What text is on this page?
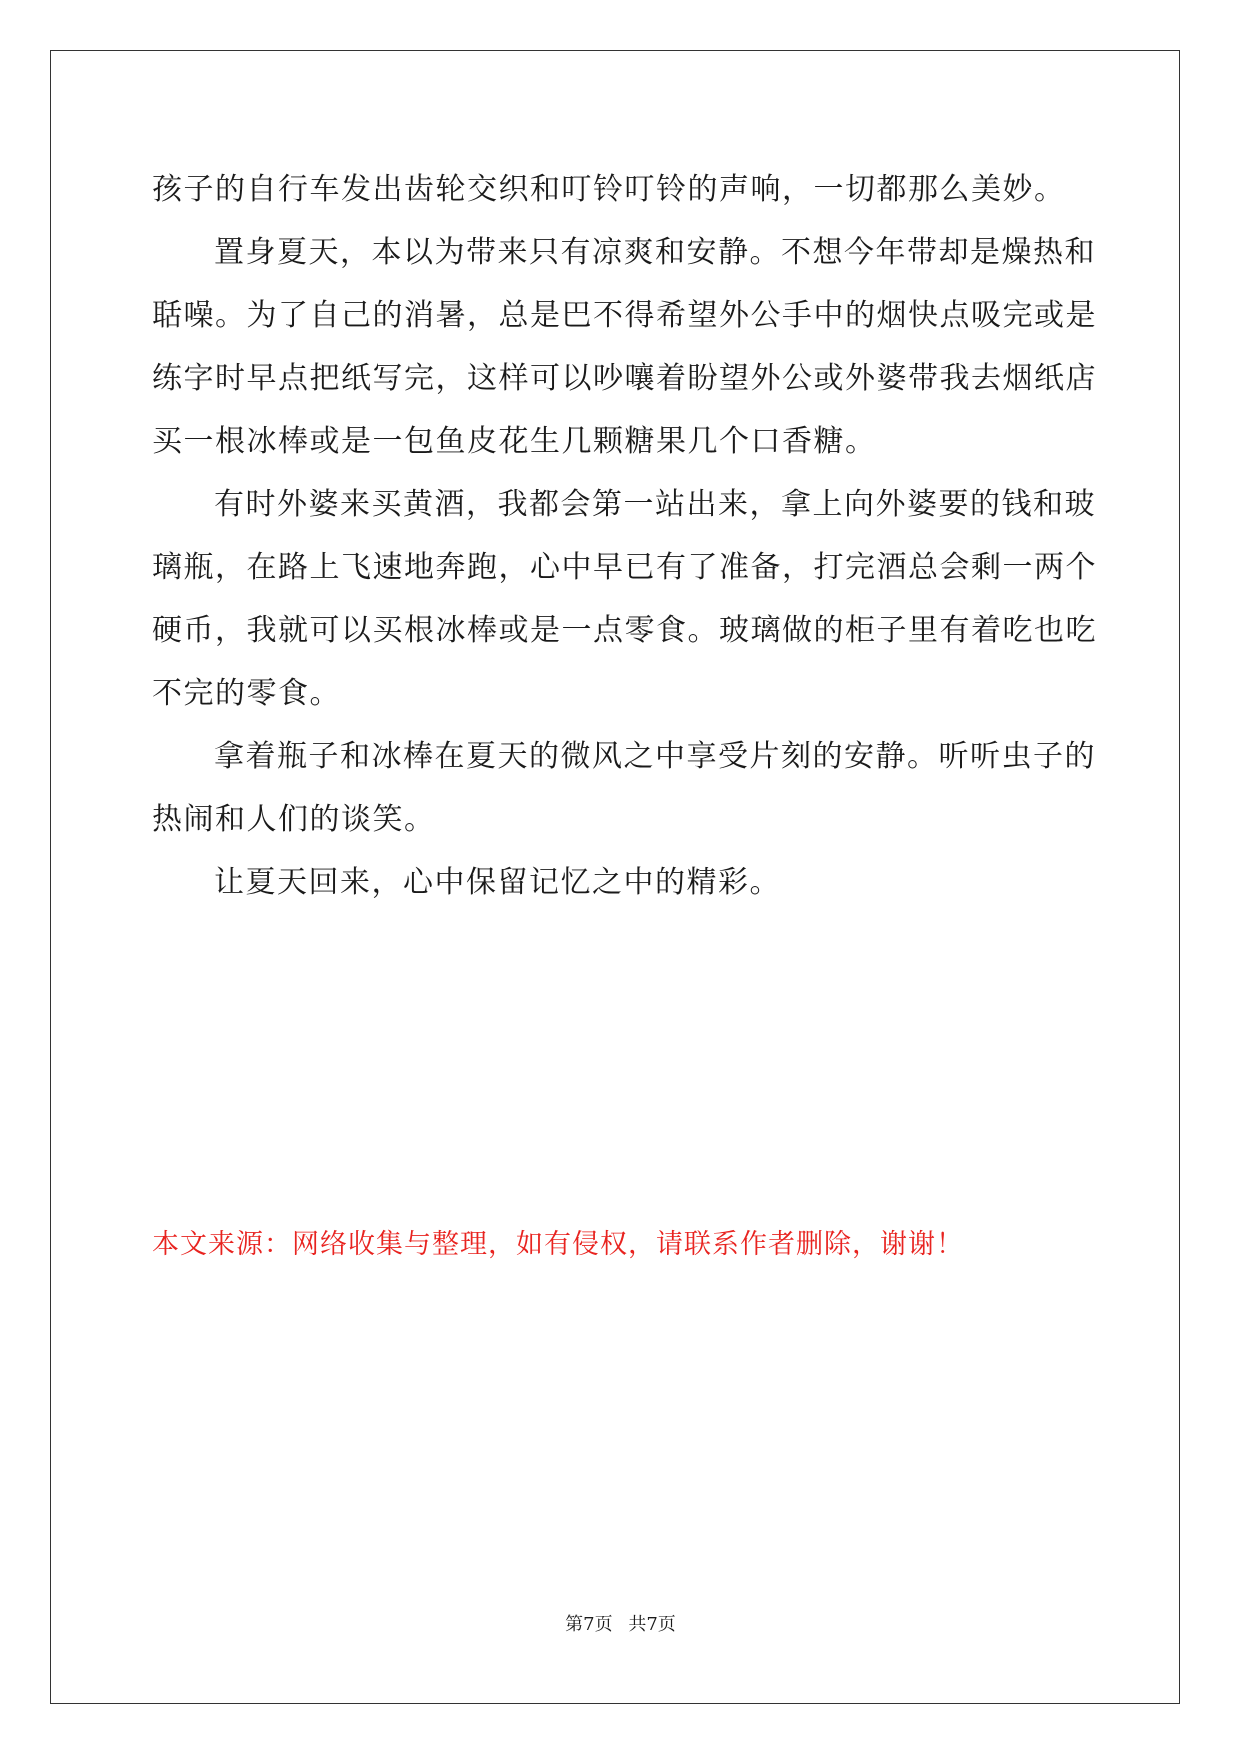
孩子的自行车发出齿轮交织和叮铃叮铃的声响，一切都那么美妙。

置身夏天，本以为带来只有凉爽和安静。不想今年带却是燥热和

聒噪。为了自己的消暑，总是巴不得希望外公手中的烟快点吸完或是

练字时早点把纸写完，这样可以吵嚷着盼望外公或外婆带我去烟纸店

买一根冰棒或是一包鱼皮花生几颗糖果几个口香糖。

有时外婆来买黄酒，我都会第一站出来，拿上向外婆要的钱和玻

璃瓶，在路上飞速地奔跑，心中早已有了准备，打完酒总会剩一两个

硬币，我就可以买根冰棒或是一点零食。玻璃做的柜子里有着吃也吃

不完的零食。

拿着瓶子和冰棒在夏天的微风之中享受片刻的安静。听听虫子的

热闹和人们的谈笑。

让夏天回来，心中保留记忆之中的精彩。

本文来源：网络收集与整理，如有侵权，请联系作者删除，谢谢！
第7页 共7页
